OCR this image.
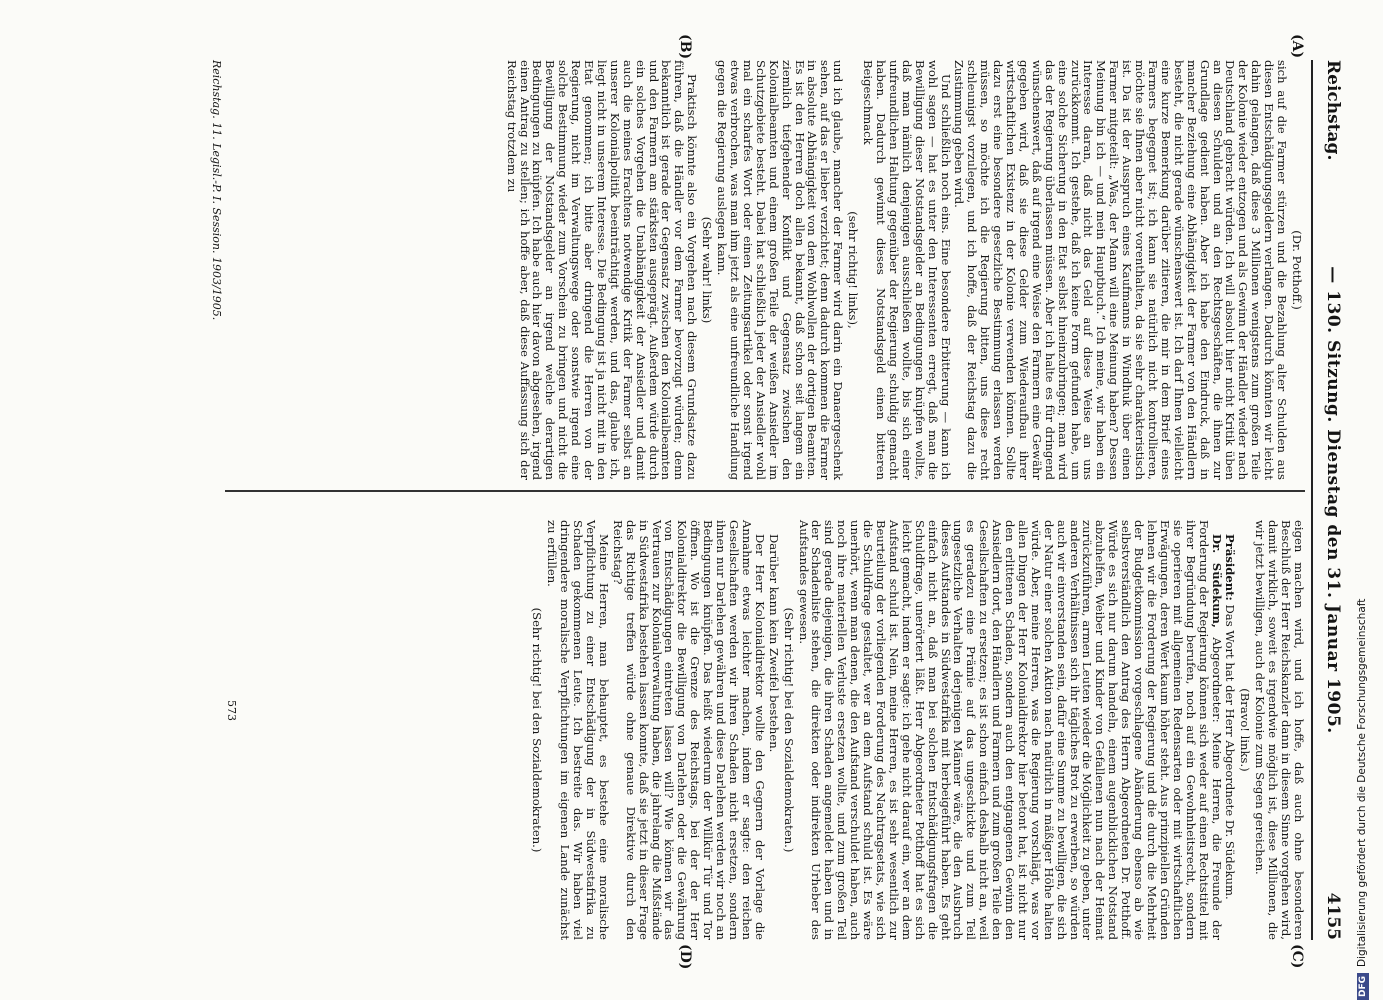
Reichstag.
— 130. Sitzung. Dienstag den 31. Januar 1905.
4155
(A)
(B)
(C)
(D)

(Dr. Potthoff.)

sich auf die Farmer stürzen und die Bezahlung alter Schulden aus diesen Entschädigungsgeldern verlangen. Dadurch könnten wir leicht dahin gelangen, daß diese 3 Millionen wenigstens zum großen Teile der Kolonie wieder entzogen und als Gewinn der Händler wieder nach Deutschland gebracht würden. Ich will absolut hier nicht Kritik üben an diesen Schulden und an den Rechtsgeschäften, die ihnen zur Grundlage gedient haben. Aber ich habe den Eindruck, daß in mancher Beziehung eine Abhängigkeit der Farmer von den Händlern besteht, die nicht gerade wünschenswert ist. Ich darf Ihnen vielleicht eine kurze Bemerkung darüber zitieren, die mir in dem Brief eines Farmers begegnet ist; ich kann sie natürlich nicht kontrollieren, möchte sie Ihnen aber nicht vorenthalten, da sie sehr charakteristisch ist. Da ist der Ausspruch eines Kaufmanns in Windhuk über einen Farmer mitgeteilt: „Was, der Mann will eine Meinung haben? Dessen Meinung bin ich — und mein Hauptbuch.“ Ich meine, wir haben ein Interesse daran, daß nicht das Geld auf diese Weise an uns zurückkommt. Ich gestehe, daß ich keine Form gefunden habe, um eine solche Sicherung in den Etat selbst hineinzubringen; man wird das der Regierung überlassen müssen. Aber ich halte es für dringend wünschenswert, daß auf irgend eine Weise den Farmern eine Gewähr gegeben wird, daß sie diese Gelder zum Wiederaufbau ihrer wirtschaftlichen Existenz in der Kolonie verwenden können. Sollte dazu erst eine besondere gesetzliche Bestimmung erlassen werden müssen, so möchte ich die Regierung bitten, uns diese recht schleunigst vorzulegen, und ich hoffe, daß der Reichstag dazu die Zustimmung geben wird.

Und schließlich noch eins. Eine besondere Erbitterung — kann ich wohl sagen — hat es unter den Interessenten erregt, daß man die Bewilligung dieser Notstandsgelder an Bedingungen knüpfen wollte, daß man nämlich denjenigen ausschließen wollte, bis sich einer unfreundlichen Haltung gegenüber der Regierung schuldig gemacht haben. Dadurch gewinnt dieses Notstandsgeld einen bitteren Beigeschmack

(sehr richtig! links),

und ich glaube, mancher der Farmer wird darin ein Danaergeschenk sehen, auf das er lieber verzichtet; denn dadurch kommen die Farmer in absolute Abhängigkeit von dem Wohlwollen der dortigen Beamten. Es ist den Herren doch allen bekannt, daß schon seit langem ein ziemlich tiefgehender Konflikt und Gegensatz zwischen den Kolonialbeamten und einem großen Teile der weißen Ansiedler im Schutzgebiete besteht. Dabei hat schließlich jeder der Ansiedler wohl mal ein scharfes Wort oder einen Zeitungsartikel oder sonst irgend etwas verbrochen, was man ihm jetzt als eine unfreundliche Handlung gegen die Regierung auslegen kann.

(Sehr wahr! links)

Praktisch könnte also ein Vorgehen nach diesem Grundsatze dazu führen, daß die Händler vor dem Farmer bevorzugt würden; denn bekanntlich ist gerade der Gegensatz zwischen den Kolonialbeamten und den Farmern am stärksten ausgeprägt. Außerdem würde durch ein solches Vorgehen die Unabhängigkeit der Ansiedler und damit auch die meines Erachtens notwendige Kritik der Farmer selbst an unserer Kolonialpolitik beeinträchtigt werden, und das, glaube ich, liegt nicht in unserem Interesse. Die Bedingung ist ja nicht mit in den Etat genommen; ich bitte aber dringend die Herren von der Regierung, nicht im Verwaltungswege oder sonstwie irgend eine solche Bestimmung wieder zum Vorschein zu bringen und nicht die Bewilligung der Notstandsgelder an irgend welche derartigen Bedingungen zu knüpfen. Ich habe auch hier davon abgesehen, irgend einen Antrag zu stellen; ich hoffe aber, daß diese Auffassung sich der Reichstag trotzdem zu

eigen machen wird, und ich hoffe, daß auch ohne besonderen Beschluß der Herr Reichskanzler dann in diesem Sinne vorgehen wird, damit wirklich, soweit es irgendwie möglich ist, diese Millionen, die wir jetzt bewilligen, auch der Kolonie zum Segen gereichen.

(Bravo! links.)

Präsident: Das Wort hat der Herr Abgeordnete Dr. Südekum.

Dr. Südekum, Abgeordneter: Meine Herren, die Freunde der Forderung der Regierung können sich weder auf einen Rechtstitel mit ihrer Begründung berufen, noch auf ein Gewohnheitsrecht, sondern sie operieren mit allgemeinen Redensarten oder mit wirtschaftlichen Erwägungen, deren Wert kaum höher steht. Aus prinzipiellen Gründen lehnen wir die Forderung der Regierung und die durch die Mehrheit der Budgetkommission vorgeschlagene Abänderung ebenso ab wie selbstverständlich den Antrag des Herrn Abgeordneten Dr. Potthoff. Würde es sich nur darum handeln, einem augenblicklichen Notstand abzuhelfen, Weiber und Kinder von Gefallenen nun nach der Heimat zurückzuführen, armen Leuten wieder die Möglichkeit zu geben, unter anderen Verhältnissen sich ihr tägliches Brot zu erwerben, so würden auch wir einverstanden sein, dafür eine Summe zu bewilligen, die sich der Natur einer solchen Aktion nach natürlich in mäßiger Höhe halten würde. Aber, meine Herren, was die Regierung vorschlägt, was vor allen Dingen der Herr Kolonialdirektor hier betont hat, ist nicht nur den erlittenen Schaden, sondern auch den entgangenen Gewinn den Ansiedlern dort, den Händlern und Farmern und zum großen Teile den Gesellschaften zu ersetzen; es ist schon einfach deshalb nicht an, weil es geradezu eine Prämie auf das ungeschickte und zum Teil ungesetzliche Verhalten derjenigen Männer wäre, die den Ausbruch dieses Aufstandes in Südwestafrika mit herbeigeführt haben. Es geht einfach nicht an, daß man bei solchen Entschädigungsfragen die Schuldfrage, unerörtert läßt. Herr Abgeordneter Potthoff hat es sich leicht gemacht, indem er sagte: ich gehe nicht darauf ein, wer an dem Aufstand schuld ist. Nein, meine Herren, es ist sehr wesentlich zur Beurteilung der vorliegenden Forderung des Nachtragsetats, wie sich die Schuldfrage gestaltet, wer an dem Aufstand schuld ist. Es wäre unerhört, wenn man denen, die den Aufstand verschuldet haben, auch noch ihre materiellen Verluste ersetzen wollte, und zum großen Teil sind gerade diejenigen, die ihren Schaden angemeldet haben und in der Schadenliste stehen, die direkten oder indirekten Urheber des Aufstandes gewesen.

(Sehr richtig! bei den Sozialdemokraten.)

Darüber kann kein Zweifel bestehen.

Der Herr Kolonialdirektor wollte den Gegnern der Vorlage die Annahme etwas leichter machen, indem er sagte: den reichen Gesellschaften werden wir ihren Schaden nicht ersetzen, sondern ihnen nur Darlehen gewähren und diese Darlehen werden wir noch an Bedingungen knüpfen. Das heißt wiederum der Willkür Tür und Tor öffnen. Wo ist die Grenze des Reichstags, bei der der Herr Kolonialdirektor die Bewilligung von Darlehen oder die Gewährung von Entschädigungen eintreten lassen will? Wie können wir das Vertrauen zur Kolonialverwaltung haben, die jahrelang die Mißstände in Südwestafrika bestehen lassen konnte, daß sie jetzt in dieser Frage das Richtige treffen würde ohne genaue Direktive durch den Reichstag?

Meine Herren, man behauptet, es bestehe eine moralische Verpflichtung zu einer Entschädigung der in Südwestafrika zu Schaden gekommenen Leute. Ich bestreite das. Wir haben viel dringendere moralische Verpflichtungen im eigenen Lande zunächst zu erfüllen.

(Sehr richtig! bei den Sozialdemokraten.)

Reichstag. 11. Legisl.-P. I. Session. 1903/1905.
573
DFGDigitalisierung gefördert durch die Deutsche Forschungsgemeinschaft
